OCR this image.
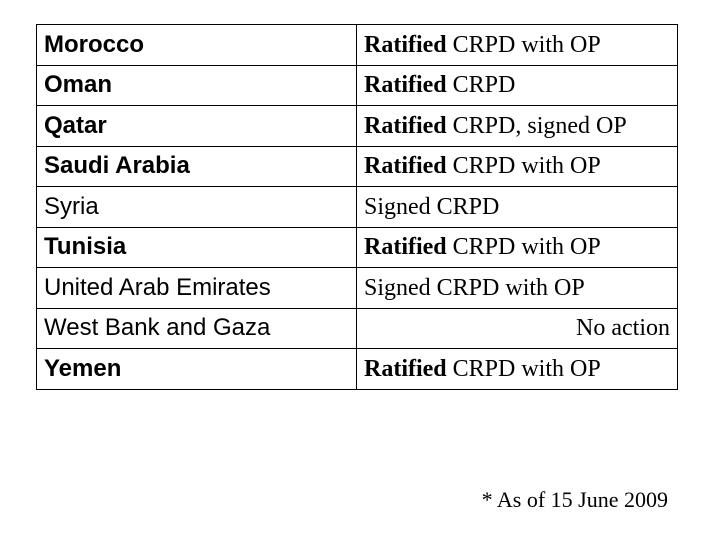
Morocco	Ratified CRPD with OP
Oman	Ratified CRPD
Qatar	Ratified CRPD, signed OP
Saudi Arabia	Ratified CRPD with OP
Syria	Signed CRPD
Tunisia	Ratified CRPD with OP
United Arab Emirates	Signed CRPD with OP
West Bank and Gaza	No action
Yemen	Ratified CRPD with OP
* As of 15 June 2009
